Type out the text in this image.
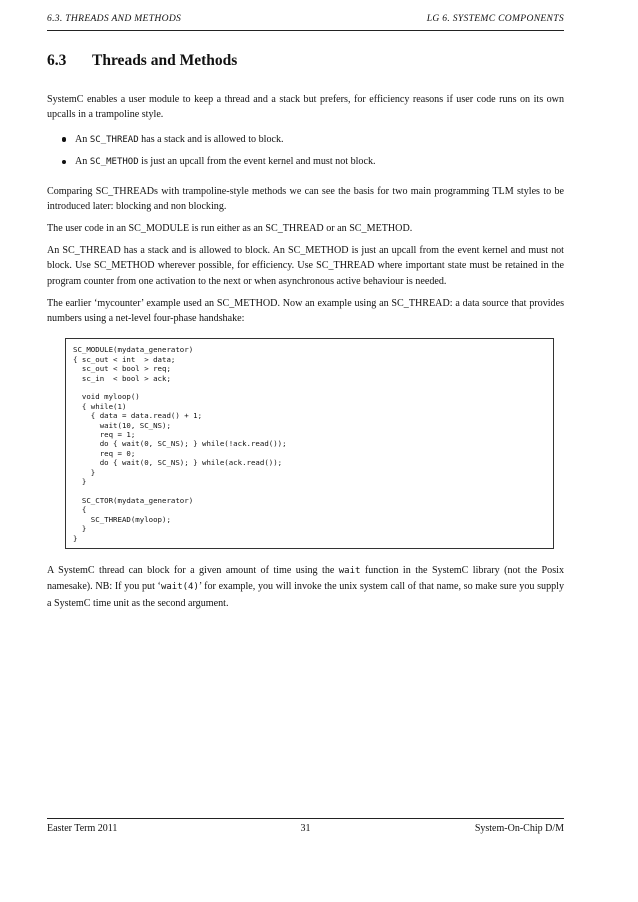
6.3. THREADS AND METHODS	LG 6. SYSTEMC COMPONENTS
6.3 Threads and Methods

SystemC enables a user module to keep a thread and a stack but prefers, for efficiency reasons if user code runs on its own upcalls in a trampoline style.

An SC_THREAD has a stack and is allowed to block.
An SC_METHOD is just an upcall from the event kernel and must not block.

Comparing SC_THREADs with trampoline-style methods we can see the basis for two main programming TLM styles to be introduced later: blocking and non blocking.

The user code in an SC_MODULE is run either as an SC_THREAD or an SC_METHOD.

An SC_THREAD has a stack and is allowed to block. An SC_METHOD is just an upcall from the event kernel and must not block. Use SC_METHOD wherever possible, for efficiency. Use SC_THREAD where important state must be retained in the program counter from one activation to the next or when asynchronous active behaviour is needed.

The earlier ‘mycounter’ example used an SC_METHOD. Now an example using an SC_THREAD: a data source that provides numbers using a net-level four-phase handshake:

SC_MODULE(mydata_generator)
{ sc_out < int  > data;
sc_out < bool > req;
sc_in  < bool > ack;

void myloop()
{ while(1)
{ data = data.read() + 1;
wait(10, SC_NS);
req = 1;
do { wait(0, SC_NS); } while(!ack.read());
req = 0;
do { wait(0, SC_NS); } while(ack.read());
}
}

SC_CTOR(mydata_generator)
{
SC_THREAD(myloop);
}
}

A SystemC thread can block for a given amount of time using the wait function in the SystemC library (not the Posix namesake). NB: If you put ‘wait(4)’ for example, you will invoke the unix system call of that name, so make sure you supply a SystemC time unit as the second argument.

Easter Term 2011	31	System-On-Chip D/M
